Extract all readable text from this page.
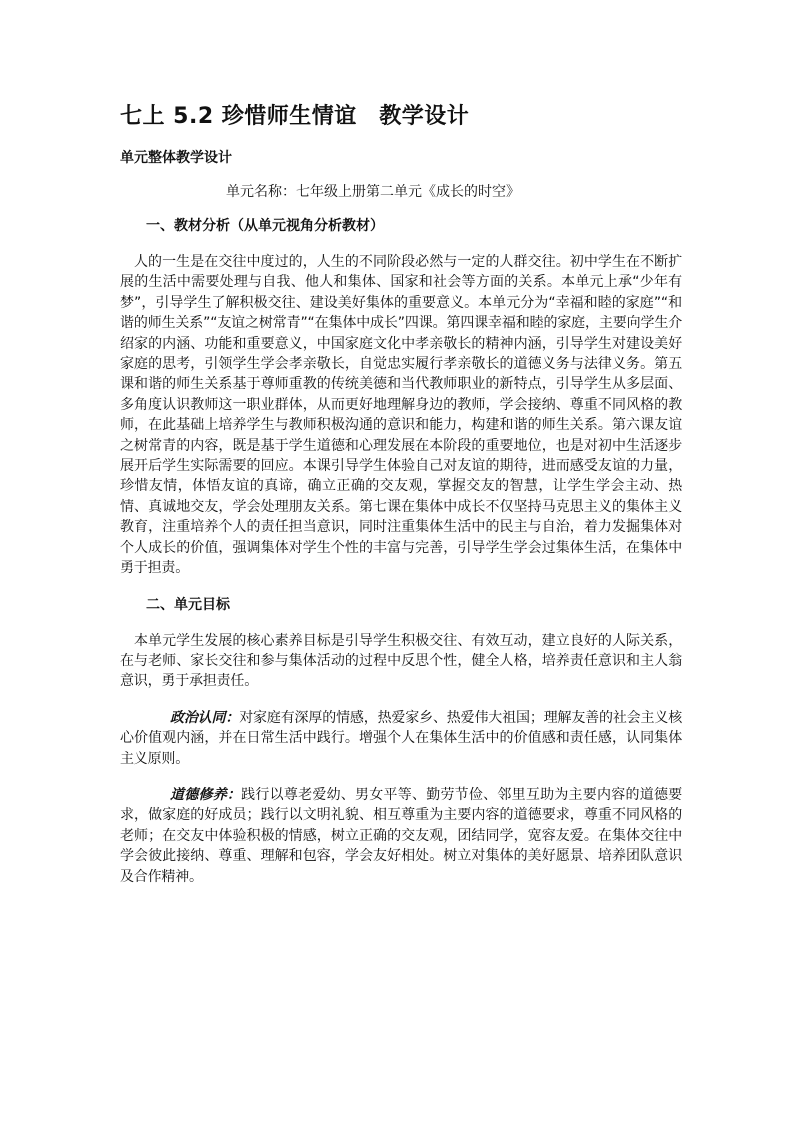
七上 5.2 珍惜师生情谊　教学设计

单元整体教学设计

单元名称：七年级上册第二单元《成长的时空》

一、教材分析（从单元视角分析教材）

人的一生是在交往中度过的，人生的不同阶段必然与一定的人群交往。初中学生在不断扩展的生活中需要处理与自我、他人和集体、国家和社会等方面的关系。本单元上承“少年有梦”，引导学生了解积极交往、建设美好集体的重要意义。本单元分为“幸福和睦的家庭”“和谐的师生关系”“友谊之树常青”“在集体中成长”四课。第四课幸福和睦的家庭，主要向学生介绍家的内涵、功能和重要意义，中国家庭文化中孝亲敬长的精神内涵，引导学生对建设美好家庭的思考，引领学生学会孝亲敬长，自觉忠实履行孝亲敬长的道德义务与法律义务。第五课和谐的师生关系基于尊师重教的传统美德和当代教师职业的新特点，引导学生从多层面、多角度认识教师这一职业群体，从而更好地理解身边的教师，学会接纳、尊重不同风格的教师，在此基础上培养学生与教师积极沟通的意识和能力，构建和谐的师生关系。第六课友谊之树常青的内容，既是基于学生道德和心理发展在本阶段的重要地位，也是对初中生活逐步展开后学生实际需要的回应。本课引导学生体验自己对友谊的期待，进而感受友谊的力量，珍惜友情，体悟友谊的真谛，确立正确的交友观，掌握交友的智慧，让学生学会主动、热情、真诚地交友，学会处理朋友关系。第七课在集体中成长不仅坚持马克思主义的集体主义教育，注重培养个人的责任担当意识，同时注重集体生活中的民主与自治，着力发掘集体对个人成长的价值，强调集体对学生个性的丰富与完善，引导学生学会过集体生活，在集体中勇于担责。

二、单元目标

本单元学生发展的核心素养目标是引导学生积极交往、有效互动，建立良好的人际关系，在与老师、家长交往和参与集体活动的过程中反思个性，健全人格，培养责任意识和主人翁意识，勇于承担责任。

政治认同：对家庭有深厚的情感，热爱家乡、热爱伟大祖国；理解友善的社会主义核心价值观内涵，并在日常生活中践行。增强个人在集体生活中的价值感和责任感，认同集体主义原则。

道德修养：践行以尊老爱幼、男女平等、勤劳节俭、邻里互助为主要内容的道德要求，做家庭的好成员；践行以文明礼貌、相互尊重为主要内容的道德要求，尊重不同风格的老师；在交友中体验积极的情感，树立正确的交友观，团结同学，宽容友爱。在集体交往中学会彼此接纳、尊重、理解和包容，学会友好相处。树立对集体的美好愿景、培养团队意识及合作精神。
